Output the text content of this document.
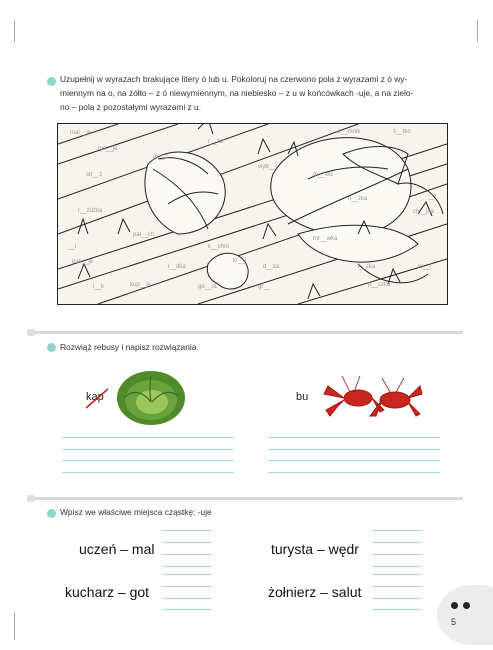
Uzupełnij w wyrazach brakujące litery ó lub u. Pokoloruj na czerwono pola z wyrazami z ó wy-
miennym na o, na żółto – z ó niewymiennym, na niebiesko – z u w końcówkach -uje, a na zielo-
no – pola z pozostałymi wyrazami z u.
mal__je
rys__je
str__ż
r__żdżka
__l
pak__je
gr__z
pal__ch
l__k	kup__je
r__ża
ł__dka
gó__ra
wyb__r
k__chni
kr__l
d__ża
gr__
m__wić
z__mnik	ś__tko
n__żka
mr__wka
ł__zka
p__szka
kr__l
ch__jna
__l
Rozwiąż rebusy i napisz rozwiązania.
kap	bu
Wpisz we właściwe miejsca cząstkę: -uje
uczeń – mal	turysta – wędr
kucharz – got	żołnierz – salut
5
